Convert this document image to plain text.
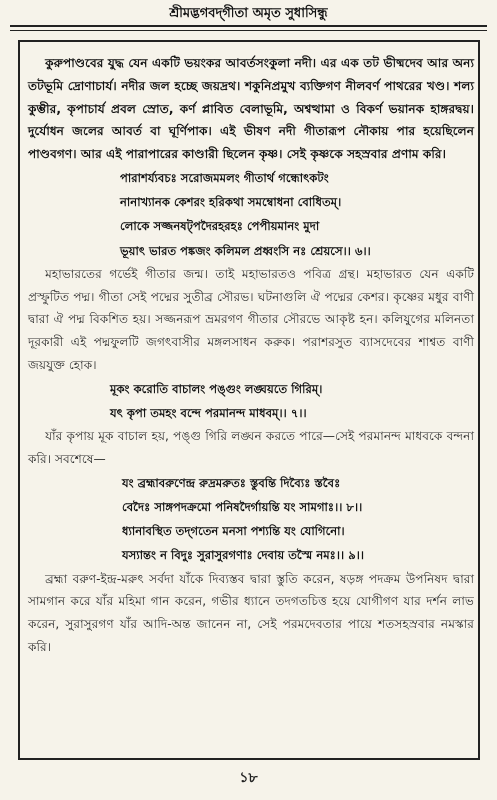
শ্রীমদ্ভগবদ্‌গীতা অমৃত সুধাসিন্ধু

কুরুপাণ্ডবের যুদ্ধ যেন একটি ভয়ংকর আবর্তসংকুলা নদী। এর এক তট ভীষ্মদেব আর অন্য তটভূমি দ্রোণাচার্য। নদীর জল হচ্ছে জয়দ্রথ। শকুনিপ্রমুখ ব্যক্তিগণ নীলবর্ণ পাথরের খণ্ড। শল্য কুম্ভীর, কৃপাচার্য প্রবল স্রোত, কর্ণ প্লাবিত বেলাভূমি, অশ্বত্থামা ও বিকর্ণ ভয়ানক হাঙ্গরদ্বয়। দুর্যোধন জলের আবর্ত বা ঘূর্ণিপাক। এই ভীষণ নদী গীতারূপ নৌকায় পার হয়েছিলেন পাণ্ডবগণ। আর এই পারাপারের কাণ্ডারী ছিলেন কৃষ্ণ। সেই কৃষ্ণকে সহস্রবার প্রণাম করি।

পারাশর্য্যবচঃ সরোজমমলং গীতার্থ গন্ধোৎকটং

নানাখ্যানক কেশরং হরিকথা সমম্বোধনা বোধিতম্‌।

লোকে সজ্জনষট্‌পদৈরহরহঃ পেপীয়মানং মুদা

ভূয়াৎ ভারত পঙ্কজং কলিমল প্রধ্বংসি নঃ শ্রেয়সে।। ৬।।

মহাভারতের গর্ভেই গীতার জন্ম। তাই মহাভারতও পবিত্র গ্রন্থ। মহাভারত যেন একটি প্রস্ফুটিত পদ্ম। গীতা সেই পদ্মের সুতীব্র সৌরভ। ঘটনাগুলি ঐ পদ্মের কেশর। কৃষ্ণের মধুর বাণী দ্বারা ঐ পদ্ম বিকশিত হয়। সজ্জনরূপ ভ্রমরগণ গীতার সৌরভে আকৃষ্ট হন। কলিযুগের মলিনতা দূরকারী এই পদ্মফুলটি জগৎবাসীর মঙ্গলসাধন করুক। পরাশরসুত ব্যাসদেবের শাশ্বত বাণী জয়যুক্ত হোক।

মূকং করোতি বাচালং পঙ্গুং লঙ্ঘয়তে গিরিম্‌।

যৎ কৃপা তমহং বন্দে পরমানন্দ মাধবম্‌।। ৭।।

যাঁর কৃপায় মূক বাচাল হয়, পঙ্গু গিরি লঙ্ঘন করতে পারে—সেই পরমানন্দ মাধবকে বন্দনা করি। সবশেষে—

যং ব্রহ্মাবরুণেন্দ্র রুদ্রমরুতঃ স্তুবন্তি দিব্যৈঃ স্তবৈঃ

বেদৈঃ সাঙ্গপদক্রমো পনিষদৈর্গায়ন্তি যং সামগাঃ।। ৮।।

ধ্যানাবস্থিত তদ্‌গতেন মনসা পশ্যন্তি যং যোগিনো।

যস্যান্তং ন বিদুঃ সুরাসুরগণাঃ দেবায় তস্মৈ নমঃ।। ৯।।

ব্রহ্মা বরুণ-ইন্দ্র-মরুৎ সর্বদা যাঁকে দিব্যস্তব দ্বারা স্তুতি করেন, ষড়ঙ্গ পদক্রম উপনিষদ দ্বারা সামগান করে যাঁর মহিমা গান করেন, গভীর ধ্যানে তদগতচিত্ত হয়ে যোগীগণ যার দর্শন লাভ করেন, সুরাসুরগণ যাঁর আদি-অন্ত জানেন না, সেই পরমদেবতার পায়ে শতসহস্রবার নমস্কার করি।

১৮
